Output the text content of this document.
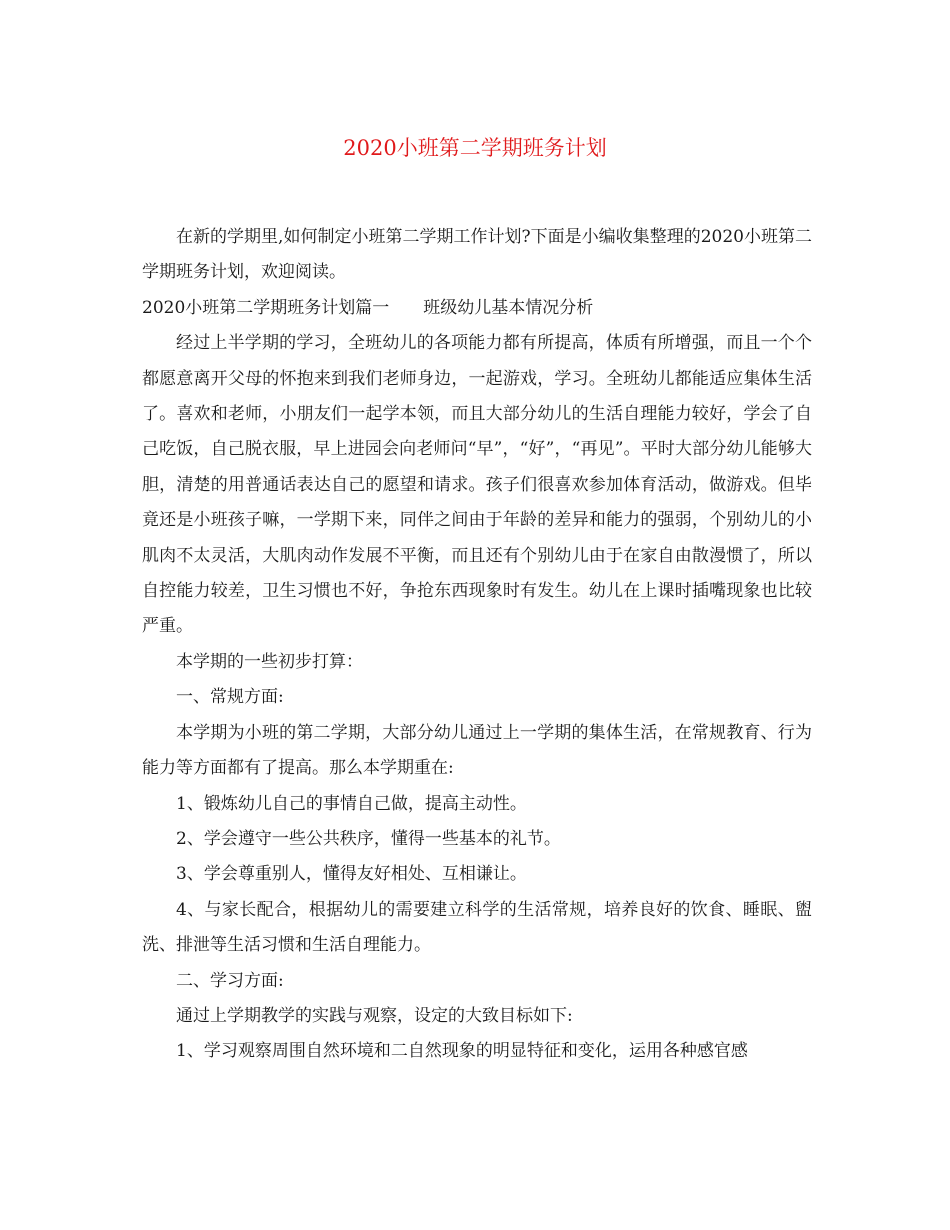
2020小班第二学期班务计划

在新的学期里,如何制定小班第二学期工作计划?下面是小编收集整理的2020小班第二学期班务计划，欢迎阅读。

2020小班第二学期班务计划篇一　　班级幼儿基本情况分析

经过上半学期的学习，全班幼儿的各项能力都有所提高，体质有所增强，而且一个个都愿意离开父母的怀抱来到我们老师身边，一起游戏，学习。全班幼儿都能适应集体生活了。喜欢和老师，小朋友们一起学本领，而且大部分幼儿的生活自理能力较好，学会了自己吃饭，自己脱衣服，早上进园会向老师问“早”，“好”，“再见”。平时大部分幼儿能够大胆，清楚的用普通话表达自己的愿望和请求。孩子们很喜欢参加体育活动，做游戏。但毕竟还是小班孩子嘛，一学期下来，同伴之间由于年龄的差异和能力的强弱，个别幼儿的小肌肉不太灵活，大肌肉动作发展不平衡，而且还有个别幼儿由于在家自由散漫惯了，所以自控能力较差，卫生习惯也不好，争抢东西现象时有发生。幼儿在上课时插嘴现象也比较严重。

本学期的一些初步打算：

一、常规方面:

本学期为小班的第二学期，大部分幼儿通过上一学期的集体生活，在常规教育、行为能力等方面都有了提高。那么本学期重在:

1、锻炼幼儿自己的事情自己做，提高主动性。

2、学会遵守一些公共秩序，懂得一些基本的礼节。

3、学会尊重别人，懂得友好相处、互相谦让。

4、与家长配合，根据幼儿的需要建立科学的生活常规，培养良好的饮食、睡眠、盥洗、排泄等生活习惯和生活自理能力。

二、学习方面:

通过上学期教学的实践与观察，设定的大致目标如下:

1、学习观察周围自然环境和二自然现象的明显特征和变化，运用各种感官感
